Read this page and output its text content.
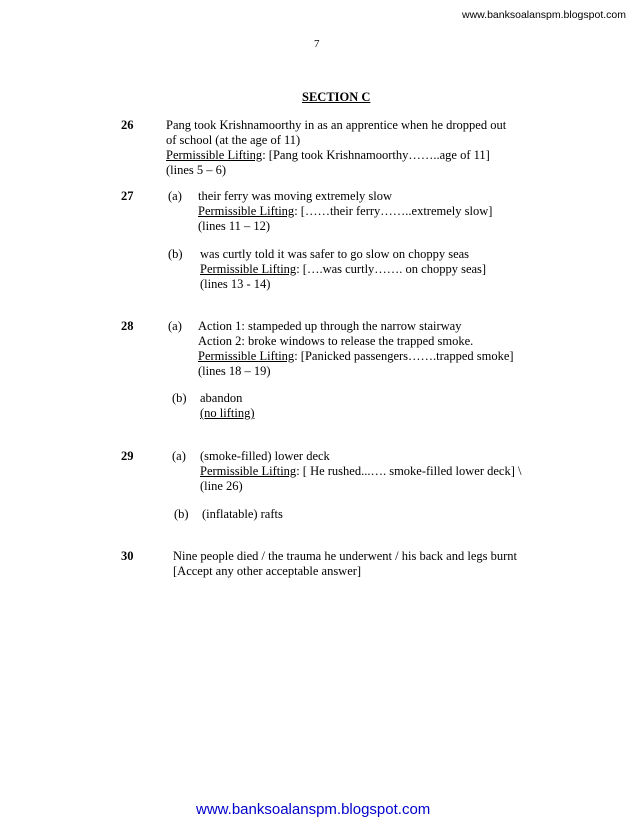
www.banksoalanspm.blogspot.com
7
SECTION C
26	Pang took Krishnamoorthy in as an apprentice when he dropped out
of school (at the age of 11)
Permissible Lifting: [Pang took Krishnamoorthy……..age of 11]
(lines 5 – 6)
27	(a) their ferry was moving extremely slow
Permissible Lifting: [……their ferry……..extremely slow]
(lines 11 – 12)
(b) was curtly told it was safer to go slow on choppy seas
Permissible Lifting: [….was curtly……. on choppy seas]
(lines 13 - 14)
28	(a) Action 1: stampeded up through the narrow stairway
Action 2: broke windows to release the trapped smoke.
Permissible Lifting: [Panicked passengers…….trapped smoke]
(lines 18 – 19)
(b) abandon
(no lifting)
29	(a) (smoke-filled) lower deck
Permissible Lifting: [ He rushed...…. smoke-filled lower deck] \
(line 26)
(b) (inflatable) rafts
30	Nine people died / the trauma he underwent / his back and legs burnt
[Accept any other acceptable answer]
www.banksoalanspm.blogspot.com
